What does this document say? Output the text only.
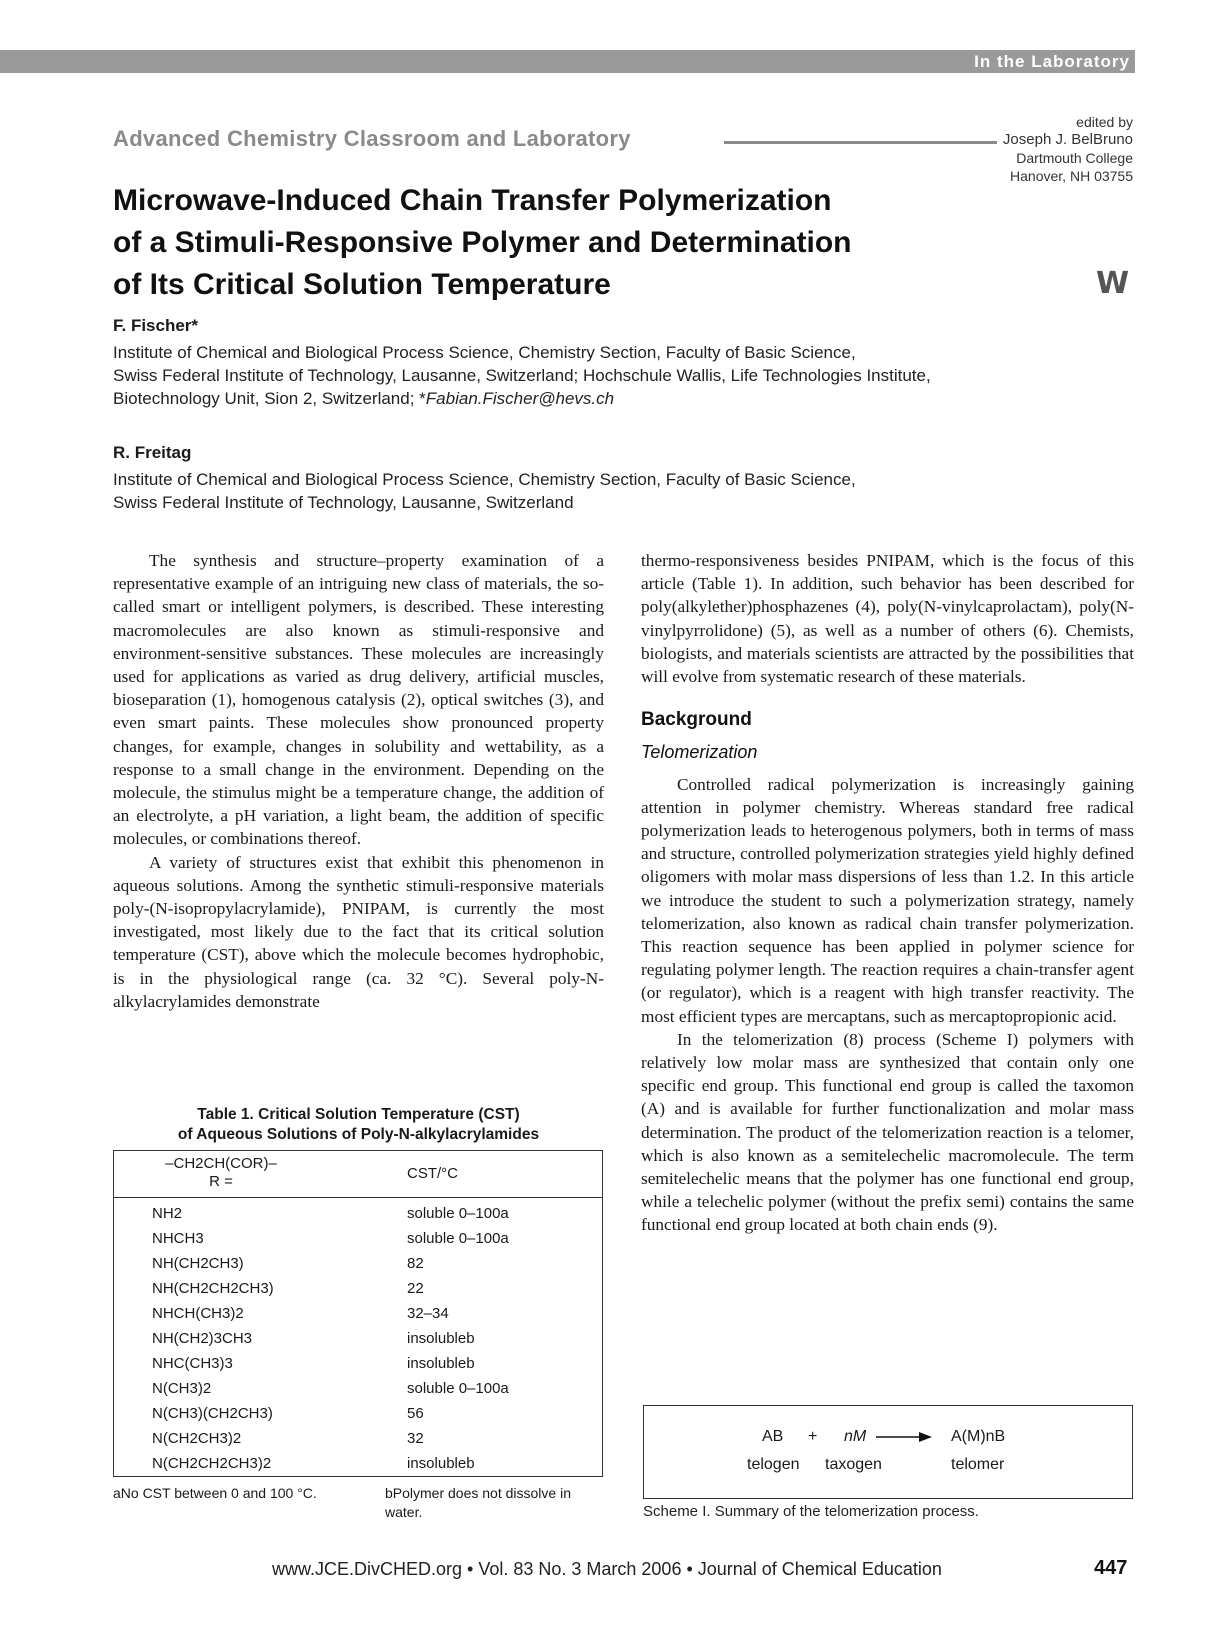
In the Laboratory
Advanced Chemistry Classroom and Laboratory
edited by
Joseph J. BelBruno
Dartmouth College
Hanover, NH 03755
Microwave-Induced Chain Transfer Polymerization
of a Stimuli-Responsive Polymer and Determination
of Its Critical Solution Temperature	W
F. Fischer*
Institute of Chemical and Biological Process Science, Chemistry Section, Faculty of Basic Science,
Swiss Federal Institute of Technology, Lausanne, Switzerland; Hochschule Wallis, Life Technologies Institute,
Biotechnology Unit, Sion 2, Switzerland; *Fabian.Fischer@hevs.ch
R. Freitag
Institute of Chemical and Biological Process Science, Chemistry Section, Faculty of Basic Science,
Swiss Federal Institute of Technology, Lausanne, Switzerland

The synthesis and structure–property examination of a representative example of an intriguing new class of materials, the so-called smart or intelligent polymers, is described. These interesting macromolecules are also known as stimuli-responsive and environment-sensitive substances. These molecules are increasingly used for applications as varied as drug delivery, artificial muscles, bioseparation (1), homogenous catalysis (2), optical switches (3), and even smart paints. These molecules show pronounced property changes, for example, changes in solubility and wettability, as a response to a small change in the environment. Depending on the molecule, the stimulus might be a temperature change, the addition of an electrolyte, a pH variation, a light beam, the addition of specific molecules, or combinations thereof.

A variety of structures exist that exhibit this phenomenon in aqueous solutions. Among the synthetic stimuli-responsive materials poly-(N-isopropylacrylamide), PNIPAM, is currently the most investigated, most likely due to the fact that its critical solution temperature (CST), above which the molecule becomes hydrophobic, is in the physiological range (ca. 32 °C). Several poly-N-alkylacrylamides demonstrate

thermo-responsiveness besides PNIPAM, which is the focus of this article (Table 1). In addition, such behavior has been described for poly(alkylether)phosphazenes (4), poly(N-vinylcaprolactam), poly(N-vinylpyrrolidone) (5), as well as a number of others (6). Chemists, biologists, and materials scientists are attracted by the possibilities that will evolve from systematic research of these materials.

Background
Telomerization

Controlled radical polymerization is increasingly gaining attention in polymer chemistry. Whereas standard free radical polymerization leads to heterogenous polymers, both in terms of mass and structure, controlled polymerization strategies yield highly defined oligomers with molar mass dispersions of less than 1.2. In this article we introduce the student to such a polymerization strategy, namely telomerization, also known as radical chain transfer polymerization. This reaction sequence has been applied in polymer science for regulating polymer length. The reaction requires a chain-transfer agent (or regulator), which is a reagent with high transfer reactivity. The most efficient types are mercaptans, such as mercaptopropionic acid.

In the telomerization (8) process (Scheme I) polymers with relatively low molar mass are synthesized that contain only one specific end group. This functional end group is called the taxomon (A) and is available for further functionalization and molar mass determination. The product of the telomerization reaction is a telomer, which is also known as a semitelechelic macromolecule. The term semitelechelic means that the polymer has one functional end group, while a telechelic polymer (without the prefix semi) contains the same functional end group located at both chain ends (9).

Table 1. Critical Solution Temperature (CST)
of Aqueous Solutions of Poly-N-alkylacrylamides
–CH2CH(COR)–
R =	CST/°C
NH2	soluble 0–100a
NHCH3	soluble 0–100a
NH(CH2CH3)	82
NH(CH2CH2CH3)	22
NHCH(CH3)2	32–34
NH(CH2)3CH3	insolubleb
NHC(CH3)3	insolubleb
N(CH3)2	soluble 0–100a
N(CH3)(CH2CH3)	56
N(CH2CH3)2	32
N(CH2CH2CH3)2	insolubleb
aNo CST between 0 and 100 °C.	bPolymer does not dissolve in water.
AB + nM → A(M)nB
telogen taxogen	telomer
Scheme I. Summary of the telomerization process.
www.JCE.DivCHED.org • Vol. 83 No. 3 March 2006 • Journal of Chemical Education	447
